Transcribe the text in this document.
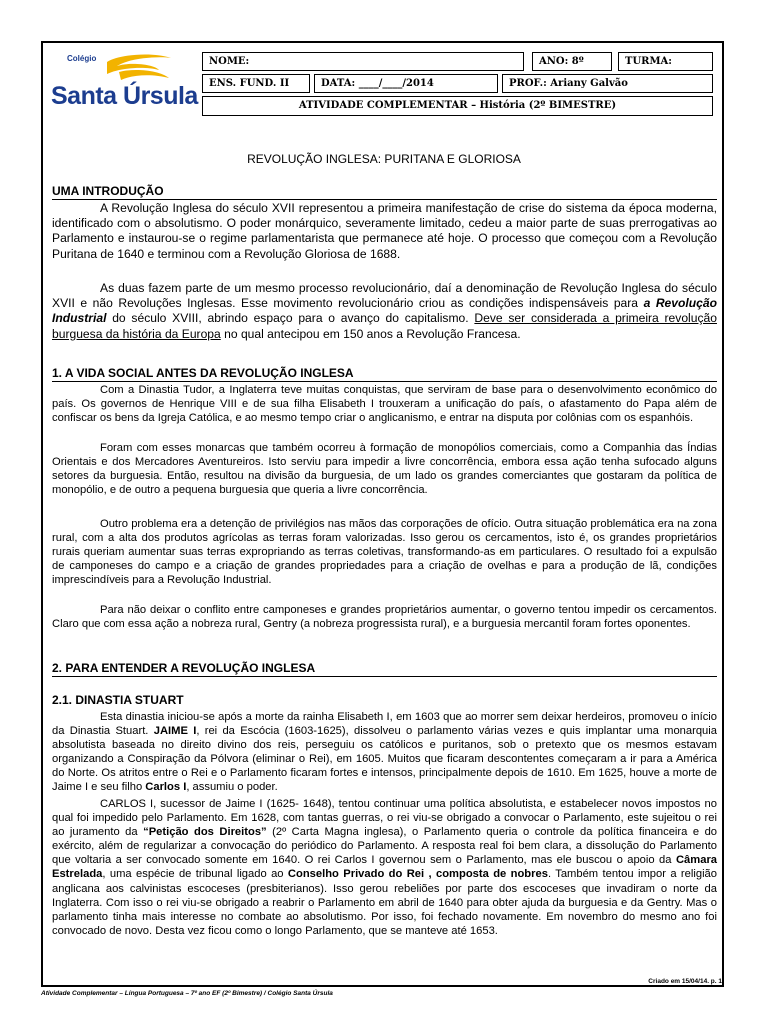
Colégio
Santa Úrsula
NOME:	ANO: 8º	TURMA:
ENS. FUND. II	DATA: ____/____/2014	PROF.: Ariany Galvão
ATIVIDADE COMPLEMENTAR – História (2º BIMESTRE)
REVOLUÇÃO INGLESA: PURITANA E GLORIOSA
UMA INTRODUÇÃO
A Revolução Inglesa do século XVII representou a primeira manifestação de crise do sistema da época moderna, identificado com o absolutismo. O poder monárquico, severamente limitado, cedeu a maior parte de suas prerrogativas ao Parlamento e instaurou-se o regime parlamentarista que permanece até hoje. O processo que começou com a Revolução Puritana de 1640 e terminou com a Revolução Gloriosa de 1688.
As duas fazem parte de um mesmo processo revolucionário, daí a denominação de Revolução Inglesa do século XVII e não Revoluções Inglesas. Esse movimento revolucionário criou as condições indispensáveis para a Revolução Industrial do século XVIII, abrindo espaço para o avanço do capitalismo. Deve ser considerada a primeira revolução burguesa da história da Europa no qual antecipou em 150 anos a Revolução Francesa.
1. A VIDA SOCIAL ANTES DA REVOLUÇÃO INGLESA
Com a Dinastia Tudor, a Inglaterra teve muitas conquistas, que serviram de base para o desenvolvimento econômico do país. Os governos de Henrique VIII e de sua filha Elisabeth I trouxeram a unificação do país, o afastamento do Papa além de confiscar os bens da Igreja Católica, e ao mesmo tempo criar o anglicanismo, e entrar na disputa por colônias com os espanhóis.
Foram com esses monarcas que também ocorreu à formação de monopólios comerciais, como a Companhia das Índias Orientais e dos Mercadores Aventureiros. Isto serviu para impedir a livre concorrência, embora essa ação tenha sufocado alguns setores da burguesia. Então, resultou na divisão da burguesia, de um lado os grandes comerciantes que gostaram da política de monopólio, e de outro a pequena burguesia que queria a livre concorrência.
Outro problema era a detenção de privilégios nas mãos das corporações de ofício. Outra situação problemática era na zona rural, com a alta dos produtos agrícolas as terras foram valorizadas. Isso gerou os cercamentos, isto é, os grandes proprietários rurais queriam aumentar suas terras expropriando as terras coletivas, transformando-as em particulares. O resultado foi a expulsão de camponeses do campo e a criação de grandes propriedades para a criação de ovelhas e para a produção de lã, condições imprescindíveis para a Revolução Industrial.
Para não deixar o conflito entre camponeses e grandes proprietários aumentar, o governo tentou impedir os cercamentos. Claro que com essa ação a nobreza rural, Gentry (a nobreza progressista rural), e a burguesia mercantil foram fortes oponentes.
2. PARA ENTENDER A REVOLUÇÃO INGLESA
2.1. DINASTIA STUART
Esta dinastia iniciou-se após a morte da rainha Elisabeth I, em 1603 que ao morrer sem deixar herdeiros, promoveu o início da Dinastia Stuart. JAIME I, rei da Escócia (1603-1625), dissolveu o parlamento várias vezes e quis implantar uma monarquia absolutista baseada no direito divino dos reis, perseguiu os católicos e puritanos, sob o pretexto que os mesmos estavam organizando a Conspiração da Pólvora (eliminar o Rei), em 1605. Muitos que ficaram descontentes começaram a ir para a América do Norte. Os atritos entre o Rei e o Parlamento ficaram fortes e intensos, principalmente depois de 1610. Em 1625, houve a morte de Jaime I e seu filho Carlos I, assumiu o poder.
CARLOS I, sucessor de Jaime I (1625- 1648), tentou continuar uma política absolutista, e estabelecer novos impostos no qual foi impedido pelo Parlamento. Em 1628, com tantas guerras, o rei viu-se obrigado a convocar o Parlamento, este sujeitou o rei ao juramento da “Petição dos Direitos” (2º Carta Magna inglesa), o Parlamento queria o controle da política financeira e do exército, além de regularizar a convocação do periódico do Parlamento. A resposta real foi bem clara, a dissolução do Parlamento que voltaria a ser convocado somente em 1640. O rei Carlos I governou sem o Parlamento, mas ele buscou o apoio da Câmara Estrelada, uma espécie de tribunal ligado ao Conselho Privado do Rei , composta de nobres. Também tentou impor a religião anglicana aos calvinistas escoceses (presbiterianos). Isso gerou rebeliões por parte dos escoceses que invadiram o norte da Inglaterra. Com isso o rei viu-se obrigado a reabrir o Parlamento em abril de 1640 para obter ajuda da burguesia e da Gentry. Mas o parlamento tinha mais interesse no combate ao absolutismo. Por isso, foi fechado novamente. Em novembro do mesmo ano foi convocado de novo. Desta vez ficou como o longo Parlamento, que se manteve até 1653.
Criado em 15/04/14. p. 1
Atividade Complementar – Língua Portuguesa – 7º ano EF (2º Bimestre) / Colégio Santa Úrsula
